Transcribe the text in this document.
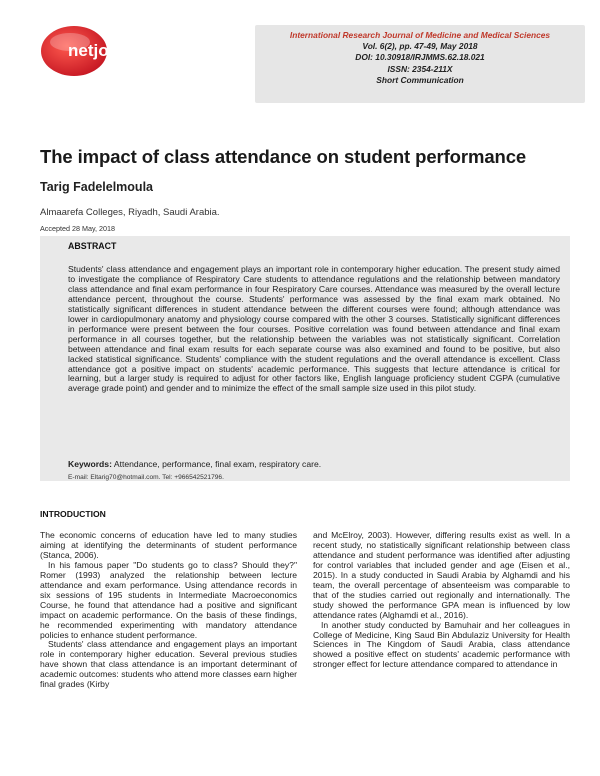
netjournals
International Research Journal of Medicine and Medical Sciences
Vol. 6(2), pp. 47-49, May 2018
DOI: 10.30918/IRJMMS.62.18.021
ISSN: 2354-211X
Short Communication
The impact of class attendance on student performance
Tarig Fadelelmoula
Almaarefa Colleges, Riyadh, Saudi Arabia.
Accepted 28 May, 2018
ABSTRACT
Students' class attendance and engagement plays an important role in contemporary higher education. The present study aimed to investigate the compliance of Respiratory Care students to attendance regulations and the relationship between mandatory class attendance and final exam performance in four Respiratory Care courses. Attendance was measured by the overall lecture attendance percent, throughout the course. Students' performance was assessed by the final exam mark obtained. No statistically significant differences in student attendance between the different courses were found; although attendance was lower in cardiopulmonary anatomy and physiology course compared with the other 3 courses. Statistically significant differences in performance were present between the four courses. Positive correlation was found between attendance and final exam performance in all courses together, but the relationship between the variables was not statistically significant. Correlation between attendance and final exam results for each separate course was also examined and found to be positive, but also lacked statistical significance. Students' compliance with the student regulations and the overall attendance is excellent. Class attendance got a positive impact on students' academic performance. This suggests that lecture attendance is critical for learning, but a larger study is required to adjust for other factors like, English language proficiency student CGPA (cumulative average grade point) and gender and to minimize the effect of the small sample size used in this pilot study.
Keywords: Attendance, performance, final exam, respiratory care.
E-mail: Eltarig70@hotmail.com. Tel: +966542521796.
INTRODUCTION

The economic concerns of education have led to many studies aiming at identifying the determinants of student performance (Stanca, 2006).

In his famous paper "Do students go to class? Should they?" Romer (1993) analyzed the relationship between lecture attendance and exam performance. Using attendance records in six sessions of 195 students in Intermediate Macroeconomics Course, he found that attendance had a positive and significant impact on academic performance. On the basis of these findings, he recommended experimenting with mandatory attendance policies to enhance student performance.

Students' class attendance and engagement plays an important role in contemporary higher education. Several previous studies have shown that class attendance is an important determinant of academic outcomes: students who attend more classes earn higher final grades (Kirby

and McElroy, 2003). However, differing results exist as well. In a recent study, no statistically significant relationship between class attendance and student performance was identified after adjusting for control variables that included gender and age (Eisen et al., 2015). In a study conducted in Saudi Arabia by Alghamdi and his team, the overall percentage of absenteeism was comparable to that of the studies carried out regionally and internationally. The study showed the performance GPA mean is influenced by low attendance rates (Alghamdi et al., 2016).

In another study conducted by Bamuhair and her colleagues in College of Medicine, King Saud Bin Abdulaziz University for Health Sciences in The Kingdom of Saudi Arabia, class attendance showed a positive effect on students' academic performance with stronger effect for lecture attendance compared to attendance in
